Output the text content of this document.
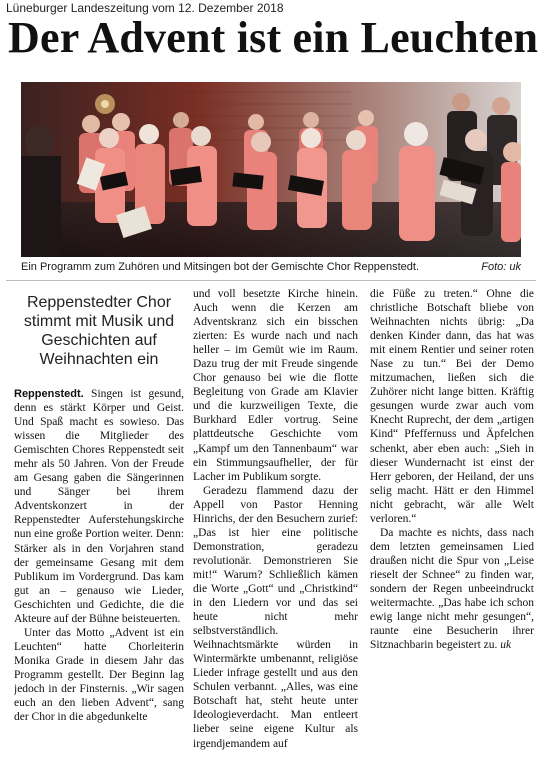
Lüneburger Landeszeitung vom 12. Dezember 2018
Der Advent ist ein Leuchten
Ein Programm zum Zuhören und Mitsingen bot der Gemischte Chor Reppenstedt.	Foto: uk
Reppenstedter Chor stimmt mit Musik und Geschichten auf Weihnachten ein

Reppenstedt. Singen ist gesund, denn es stärkt Körper und Geist. Und Spaß macht es sowieso. Das wissen die Mitglieder des Gemischten Chores Reppenstedt seit mehr als 50 Jahren. Von der Freude am Gesang gaben die Sängerinnen und Sänger bei ihrem Adventskonzert in der Reppenstedter Auferstehungskirche nun eine große Portion weiter. Denn: Stärker als in den Vorjahren stand der gemeinsame Gesang mit dem Publikum im Vordergrund. Das kam gut an – genauso wie Lieder, Geschichten und Gedichte, die die Akteure auf der Bühne beisteuerten.

Unter das Motto „Advent ist ein Leuchten“ hatte Chorleiterin Monika Grade in diesem Jahr das Programm gestellt. Der Beginn lag jedoch in der Finsternis. „Wir sagen euch an den lieben Advent“, sang der Chor in die abgedunkelte

und voll besetzte Kirche hinein. Auch wenn die Kerzen am Adventskranz sich ein bisschen zierten: Es wurde nach und nach heller – im Gemüt wie im Raum. Dazu trug der mit Freude singende Chor genauso bei wie die flotte Begleitung von Grade am Klavier und die kurzweiligen Texte, die Burkhard Edler vortrug. Seine plattdeutsche Geschichte vom „Kampf um den Tannenbaum“ war ein Stimmungsaufheller, der für Lacher im Publikum sorgte.

Geradezu flammend dazu der Appell von Pastor Henning Hinrichs, der den Besuchern zurief: „Das ist hier eine politische Demonstration, geradezu revolutionär. Demonstrieren Sie mit!“ Warum? Schließlich kämen die Worte „Gott“ und „Christkind“ in den Liedern vor und das sei heute nicht mehr selbstverständlich. Weihnachtsmärkte würden in Wintermärkte umbenannt, religiöse Lieder infrage gestellt und aus den Schulen verbannt. „Alles, was eine Botschaft hat, steht heute unter Ideologieverdacht. Man entleert lieber seine eigene Kultur als irgendjemandem auf

die Füße zu treten.“ Ohne die christliche Botschaft bliebe von Weihnachten nichts übrig: „Da denken Kinder dann, das hat was mit einem Rentier und seiner roten Nase zu tun.“ Bei der Demo mitzumachen, ließen sich die Zuhörer nicht lange bitten. Kräftig gesungen wurde zwar auch vom Knecht Ruprecht, der dem „artigen Kind“ Pfeffernuss und Äpfelchen schenkt, aber eben auch: „Sieh in dieser Wundernacht ist einst der Herr geboren, der Heiland, der uns selig macht. Hätt er den Himmel nicht gebracht, wär alle Welt verloren.“

Da machte es nichts, dass nach dem letzten gemeinsamen Lied draußen nicht die Spur von „Leise rieselt der Schnee“ zu finden war, sondern der Regen unbeeindruckt weitermachte. „Das habe ich schon ewig lange nicht mehr gesungen“, raunte eine Besucherin ihrer Sitznachbarin begeistert zu. uk
